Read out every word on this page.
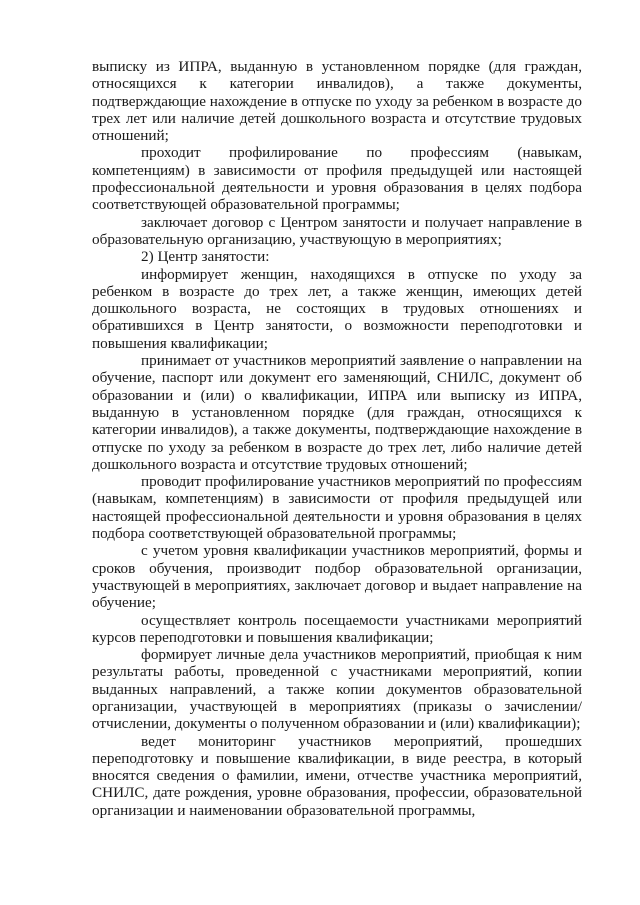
выписку из ИПРА, выданную в установленном порядке (для граждан, относящихся к категории инвалидов), а также документы, подтверждающие нахождение в отпуске по уходу за ребенком в возрасте до трех лет или наличие детей дошкольного возраста и отсутствие трудовых отношений;

проходит профилирование по профессиям (навыкам, компетенциям) в зависимости от профиля предыдущей или настоящей профессиональной деятельности и уровня образования в целях подбора соответствующей образовательной программы;

заключает договор с Центром занятости и получает направление в образовательную организацию, участвующую в мероприятиях;

2) Центр занятости:

информирует женщин, находящихся в отпуске по уходу за ребенком в возрасте до трех лет, а также женщин, имеющих детей дошкольного возраста, не состоящих в трудовых отношениях и обратившихся в Центр занятости, о возможности переподготовки и повышения квалификации;

принимает от участников мероприятий заявление о направлении на обучение, паспорт или документ его заменяющий, СНИЛС, документ об образовании и (или) о квалификации, ИПРА или выписку из ИПРА, выданную в установленном порядке (для граждан, относящихся к категории инвалидов), а также документы, подтверждающие нахождение в отпуске по уходу за ребенком в возрасте до трех лет, либо наличие детей дошкольного возраста и отсутствие трудовых отношений;

проводит профилирование участников мероприятий по профессиям (навыкам, компетенциям) в зависимости от профиля предыдущей или настоящей профессиональной деятельности и уровня образования в целях подбора соответствующей образовательной программы;

с учетом уровня квалификации участников мероприятий, формы и сроков обучения, производит подбор образовательной организации, участвующей в мероприятиях, заключает договор и выдает направление на обучение;

осуществляет контроль посещаемости участниками мероприятий курсов переподготовки и повышения квалификации;

формирует личные дела участников мероприятий, приобщая к ним результаты работы, проведенной с участниками мероприятий, копии выданных направлений, а также копии документов образовательной организации, участвующей в мероприятиях (приказы о зачислении/отчислении, документы о полученном образовании и (или) квалификации);

ведет мониторинг участников мероприятий, прошедших переподготовку и повышение квалификации, в виде реестра, в который вносятся сведения о фамилии, имени, отчестве участника мероприятий, СНИЛС, дате рождения, уровне образования, профессии, образовательной организации и наименовании образовательной программы,
